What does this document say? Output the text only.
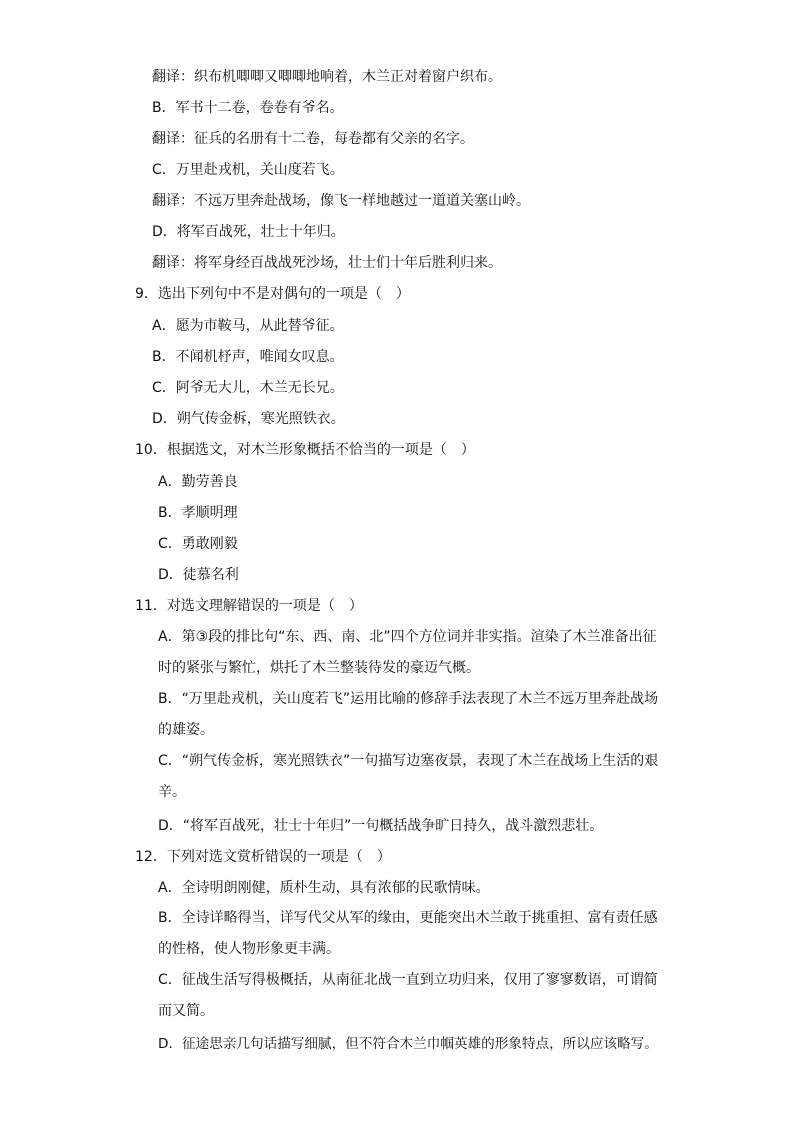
翻译：织布机唧唧又唧唧地响着，木兰正对着窗户织布。
B．军书十二卷，卷卷有爷名。
翻译：征兵的名册有十二卷，每卷都有父亲的名字。
C．万里赴戎机，关山度若飞。
翻译：不远万里奔赴战场，像飞一样地越过一道道关塞山岭。
D．将军百战死，壮士十年归。
翻译：将军身经百战战死沙场，壮士们十年后胜利归来。
9．选出下列句中不是对偶句的一项是（　）
A．愿为市鞍马，从此替爷征。
B．不闻机杼声，唯闻女叹息。
C．阿爷无大儿，木兰无长兄。
D．朔气传金柝，寒光照铁衣。
10．根据选文，对木兰形象概括不恰当的一项是（　）
A．勤劳善良
B．孝顺明理
C．勇敢刚毅
D．徒慕名利
11．对选文理解错误的一项是（　）
A．第③段的排比句“东、西、南、北”四个方位词并非实指。渲染了木兰准备出征时的紧张与繁忙，烘托了木兰整装待发的豪迈气概。
B．“万里赴戎机，关山度若飞”运用比喻的修辞手法表现了木兰不远万里奔赴战场的雄姿。
C．“朔气传金柝，寒光照铁衣”一句描写边塞夜景，表现了木兰在战场上生活的艰辛。
D．“将军百战死，壮士十年归”一句概括战争旷日持久，战斗激烈悲壮。
12．下列对选文赏析错误的一项是（　）
A．全诗明朗刚健，质朴生动，具有浓郁的民歌情味。
B．全诗详略得当，详写代父从军的缘由，更能突出木兰敢于挑重担、富有责任感的性格，使人物形象更丰满。
C．征战生活写得极概括，从南征北战一直到立功归来，仅用了寥寥数语，可谓简而又简。
D．征途思亲几句话描写细腻，但不符合木兰巾帼英雄的形象特点，所以应该略写。
